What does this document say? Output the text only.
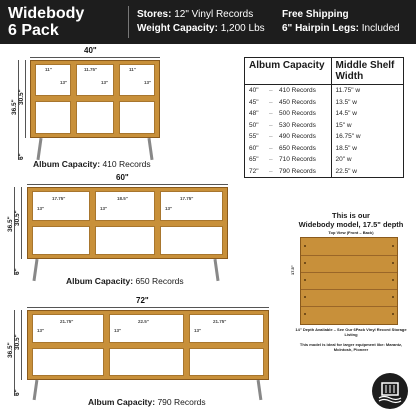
Widebody
6 Pack
Stores: 12" Vinyl Records
Weight Capacity: 1,200 Lbs
Free Shipping
6" Hairpin Legs: Included
40"
36.5"
30.5"
6"
11"	11.75"	11"
13"	13"	13"
Album Capacity: 410 Records
60"
36.5" 30.5"
6"
17.75"	18.5"	17.75"
13"	13"	13"
Album Capacity: 650 Records
72"
36.5"
30.5"
6"
21.75"	22.5"	21.75"
13"	13"	13"
Album Capacity: 790 Records
Album Capacity	Middle Shelf Width
40" – 410 Records	11.75" w
45" – 450 Records	13.5" w
48" – 500 Records	14.5" w
50" – 530 Records	15" w
55" – 490 Records	16.75" w
60" – 650 Records	18.5" w
65" – 710 Records	20" w
72" – 790 Records	22.5" w
This is our
Widebody model, 17.5" depth
Top View (Front – Back)
17.5"
14" Depth Available – See Our 6Pack Vinyl Record Storage Listing
This model is ideal for larger equipment like: Marantz, McIntosh, Pioneer
